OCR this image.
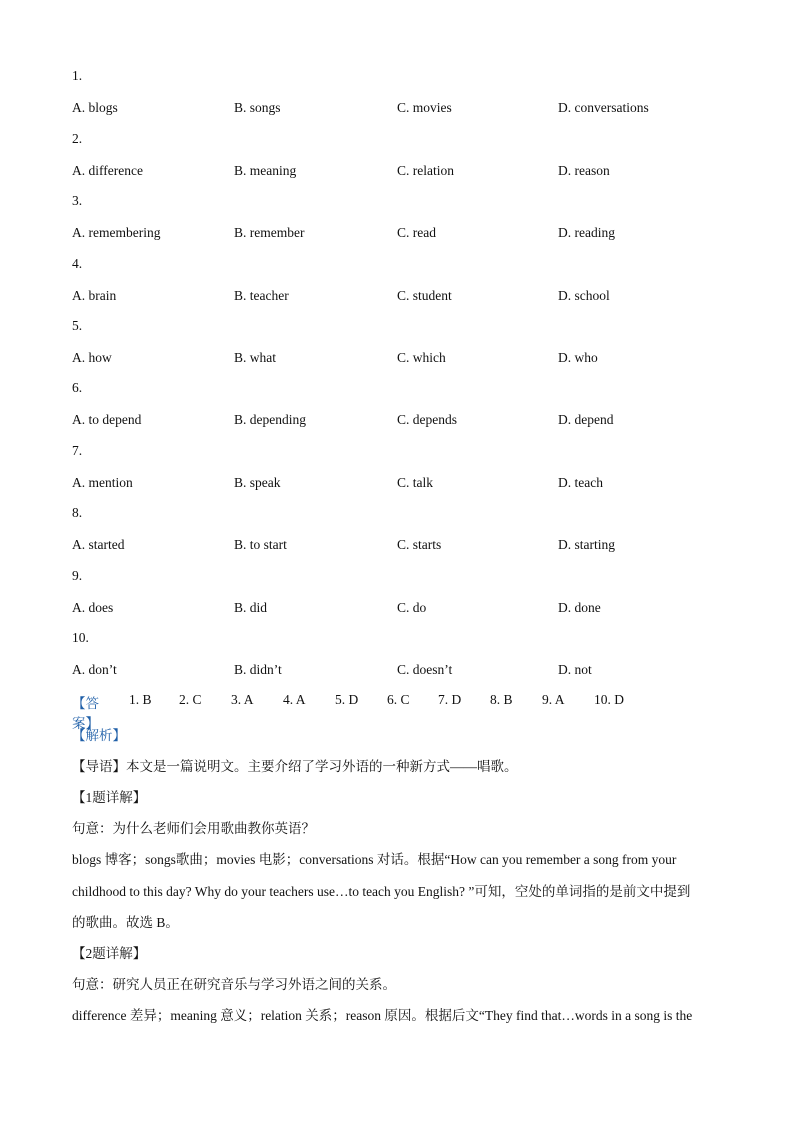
1.
A. blogs	B. songs	C. movies	D. conversations
2.
A. difference	B. meaning	C. relation	D. reason
3.
A. remembering	B. remember	C. read	D. reading
4.
A. brain	B. teacher	C. student	D. school
5.
A. how	B. what	C. which	D. who
6.
A. to depend	B. depending	C. depends	D. depend
7.
A. mention	B. speak	C. talk	D. teach
8.
A. started	B. to start	C. starts	D. starting
9.
A. does	B. did	C. do	D. done
10.
A. don’t	B. didn’t	C. doesn’t	D. not
【答案】
1. B 2. C 3. A 4. A 5. D 6. C 7. D 8. B 9. A 10. D
【解析】
【导语】本文是一篇说明文。主要介绍了学习外语的一种新方式——唱歌。
【1题详解】
句意：为什么老师们会用歌曲教你英语？
blogs 博客；songs歌曲；movies 电影；conversations 对话。根据“How can you remember a song from your
childhood to this day? Why do your teachers use…to teach you English? ”可知，空处的单词指的是前文中提到
的歌曲。故选 B。
【2题详解】
句意：研究人员正在研究音乐与学习外语之间的关系。
difference 差异；meaning 意义；relation 关系；reason 原因。根据后文“They find that…words in a song is the
